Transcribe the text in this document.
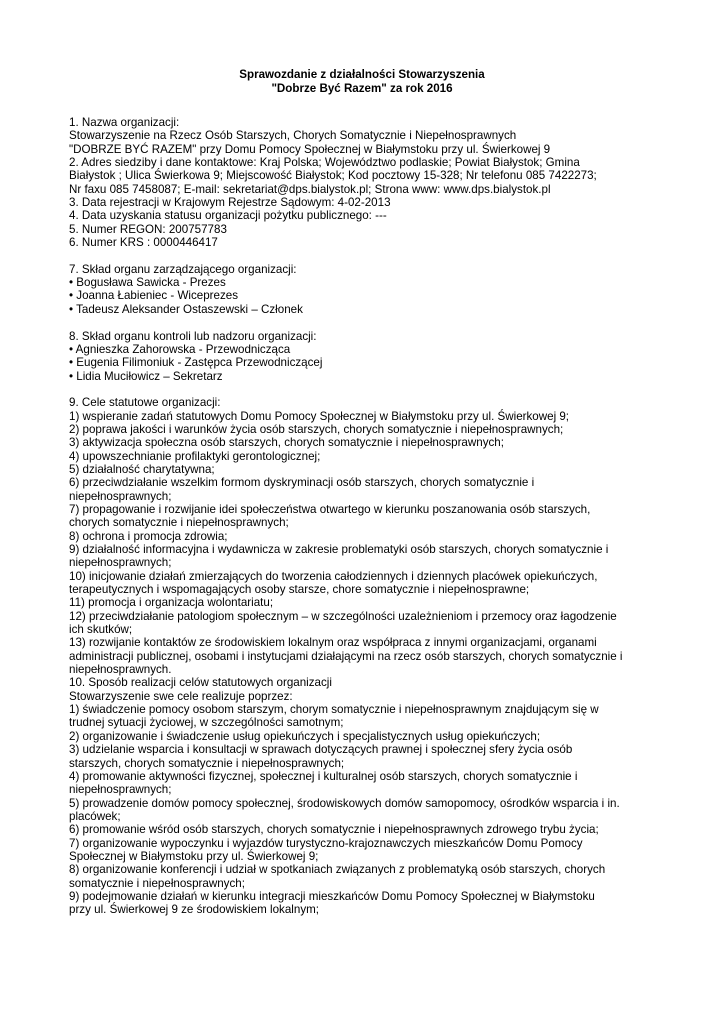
Sprawozdanie z działalności Stowarzyszenia
"Dobrze Być Razem" za rok 2016
1. Nazwa organizacji:
Stowarzyszenie na Rzecz Osób Starszych, Chorych Somatycznie i Niepełnosprawnych
"DOBRZE BYĆ RAZEM" przy Domu Pomocy Społecznej w Białymstoku przy ul. Świerkowej 9
2. Adres siedziby i dane kontaktowe: Kraj Polska; Województwo podlaskie; Powiat Białystok; Gmina
Białystok ; Ulica Świerkowa 9; Miejscowość Białystok; Kod pocztowy 15-328; Nr telefonu 085 7422273;
Nr faxu 085 7458087; E-mail: sekretariat@dps.bialystok.pl; Strona www: www.dps.bialystok.pl
3. Data rejestracji w Krajowym Rejestrze Sądowym: 4-02-2013
4. Data uzyskania statusu organizacji pożytku publicznego: ---
5. Numer REGON: 200757783
6. Numer KRS : 0000446417
7. Skład organu zarządzającego organizacji:
• Bogusława Sawicka - Prezes
• Joanna Łabieniec - Wiceprezes
• Tadeusz Aleksander Ostaszewski – Członek
8. Skład organu kontroli lub nadzoru organizacji:
• Agnieszka Zahorowska - Przewodnicząca
• Eugenia Filimoniuk - Zastępca Przewodniczącej
• Lidia Muciłowicz – Sekretarz
9. Cele statutowe organizacji:
1) wspieranie zadań statutowych Domu Pomocy Społecznej w Białymstoku przy ul. Świerkowej 9;
2) poprawa jakości i warunków życia osób starszych, chorych somatycznie i niepełnosprawnych;
3) aktywizacja społeczna osób starszych, chorych somatycznie i niepełnosprawnych;
4) upowszechnianie profilaktyki gerontologicznej;
5) działalność charytatywna;
6) przeciwdziałanie wszelkim formom dyskryminacji osób starszych, chorych somatycznie i
niepełnosprawnych;
7) propagowanie i rozwijanie idei społeczeństwa otwartego w kierunku poszanowania osób starszych,
chorych somatycznie i niepełnosprawnych;
8) ochrona i promocja zdrowia;
9) działalność informacyjna i wydawnicza w zakresie problematyki osób starszych, chorych somatycznie i
niepełnosprawnych;
10) inicjowanie działań zmierzających do tworzenia całodziennych i dziennych placówek opiekuńczych,
terapeutycznych i wspomagających osoby starsze, chore somatycznie i niepełnosprawne;
11) promocja i organizacja wolontariatu;
12) przeciwdziałanie patologiom społecznym – w szczególności uzależnieniom i przemocy oraz łagodzenie
ich skutków;
13) rozwijanie kontaktów ze środowiskiem lokalnym oraz współpraca z innymi organizacjami, organami
administracji publicznej, osobami i instytucjami działającymi na rzecz osób starszych, chorych somatycznie i
niepełnosprawnych.
10. Sposób realizacji celów statutowych organizacji
Stowarzyszenie swe cele realizuje poprzez:
1) świadczenie pomocy osobom starszym, chorym somatycznie i niepełnosprawnym znajdującym się w
trudnej sytuacji życiowej, w szczególności samotnym;
2) organizowanie i świadczenie usług opiekuńczych i specjalistycznych usług opiekuńczych;
3) udzielanie wsparcia i konsultacji w sprawach dotyczących prawnej i społecznej sfery życia osób
starszych, chorych somatycznie i niepełnosprawnych;
4) promowanie aktywności fizycznej, społecznej i kulturalnej osób starszych, chorych somatycznie i
niepełnosprawnych;
5) prowadzenie domów pomocy społecznej, środowiskowych domów samopomocy, ośrodków wsparcia i in.
placówek;
6) promowanie wśród osób starszych, chorych somatycznie i niepełnosprawnych zdrowego trybu życia;
7) organizowanie wypoczynku i wyjazdów turystyczno-krajoznawczych mieszkańców Domu Pomocy
Społecznej w Białymstoku przy ul. Świerkowej 9;
8) organizowanie konferencji i udział w spotkaniach związanych z problematyką osób starszych, chorych
somatycznie i niepełnosprawnych;
9) podejmowanie działań w kierunku integracji mieszkańców Domu Pomocy Społecznej w Białymstoku
przy ul. Świerkowej 9 ze środowiskiem lokalnym;
